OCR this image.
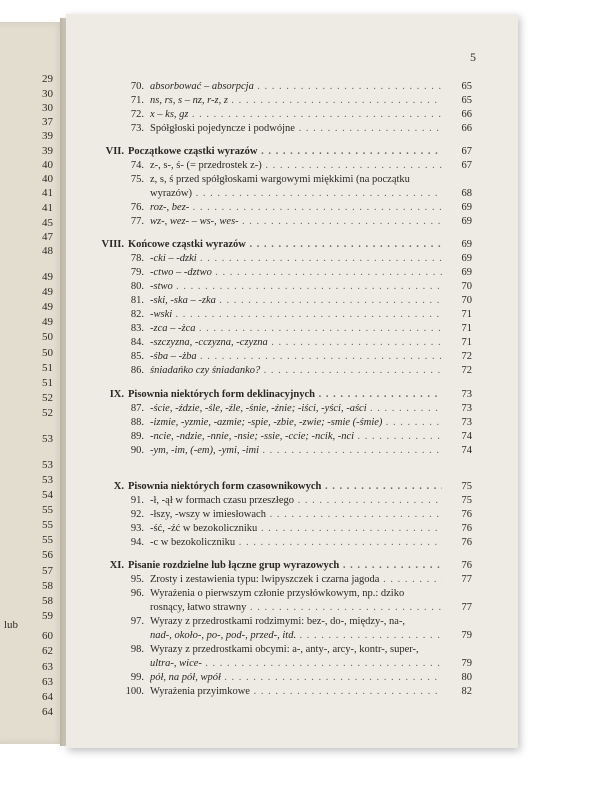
29
30
30
37
39
39
40
40
41
41
45
47
48
49
49
49
49
50
50
51
51
52
52
53
53
53
54
55
55
55
56
57
58
58
59
60
62
63
63
64
64
lub
5
70. absorbować – absorpcja . . .	65
71. ns, rs, s – nz, r-z, z . . .	65
72. x – ks, gz . . .	66
73. Spółgłoski pojedyncze i podwójne . . .	66
VII. Początkowe cząstki wyrazów . . .	67
74. z-, s-, ś- (= przedrostek z-) . . .	67
75. z, s, ś przed spółgłoskami wargowymi miękkimi (na początku
wyrazów) . . .	68
76. roz-, bez- . . .	69
77. wz-, wez- – ws-, wes- . . .	69
VIII. Końcowe cząstki wyrazów . . .	69
78. -cki – -dzki . . .	69
79. -ctwo – -dztwo . . .	69
80. -stwo . . .	70
81. -ski, -ska – -zka . . .	70
82. -wski . . .	71
83. -zca – -żca . . .	71
84. -szczyzna, -cczyzna, -czyzna . . .	71
85. -śba – -żba . . .	72
86. śniadańko czy śniadanko? . . .	72
IX. Pisownia niektórych form deklinacyjnych . . .	73
87. -ście, -ździe, -śle, -źle, -śnie, -źnie; -iści, -yści, -aści . . .	73
88. -izmie, -yzmie, -azmie; -spie, -zbie, -zwie; -smie (-śmie) . . .	73
89. -ncie, -ndzie, -nnie, -nsie; -ssie, -ccie; -ncik, -nci . . .	74
90. -ym, -im, (-em), -ymi, -imi . . .	74
X. Pisownia niektórych form czasownikowych . . .	75
91. -ł, -ął w formach czasu przeszłego . . .	75
92. -łszy, -wszy w imiesłowach . . .	76
93. -ść, -źć w bezokoliczniku . . .	76
94. -c w bezokoliczniku . . .	76
XI. Pisanie rozdzielne lub łączne grup wyrazowych . . .	76
95. Zrosty i zestawienia typu: lwipyszczek i czarna jagoda . . .	77
96. Wyrażenia o pierwszym członie przysłówkowym, np.: dziko
rosnący, łatwo strawny . . .	77
97. Wyrazy z przedrostkami rodzimymi: bez-, do-, między-, na-,
nad-, około-, po-, pod-, przed-, itd. . . .	79
98. Wyrazy z przedrostkami obcymi: a-, anty-, arcy-, kontr-, super-,
ultra-, wice- . . .	79
99. pół, na pół, wpół . . .	80
100. Wyrażenia przyimkowe . . .	82
